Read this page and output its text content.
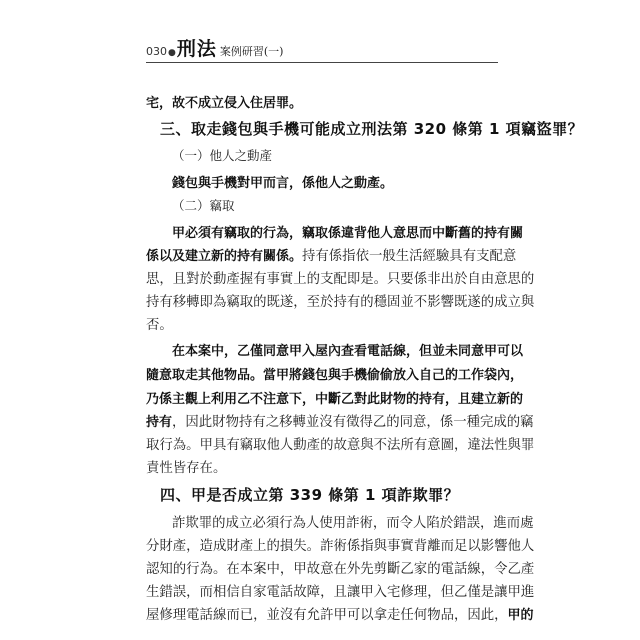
030 ● 刑法 案例研習(一)
宅，故不成立侵入住居罪。
三、取走錢包與手機可能成立刑法第 320 條第 1 項竊盜罪？
（一）他人之動產
錢包與手機對甲而言，係他人之動產。
（二）竊取
甲必須有竊取的行為，竊取係違背他人意思而中斷舊的持有關
係以及建立新的持有關係。持有係指依一般生活經驗具有支配意
思，且對於動產握有事實上的支配即是。只要係非出於自由意思的
持有移轉即為竊取的既遂，至於持有的穩固並不影響既遂的成立與
否。
在本案中，乙僅同意甲入屋內查看電話線，但並未同意甲可以
隨意取走其他物品。當甲將錢包與手機偷偷放入自己的工作袋內，
乃係主觀上利用乙不注意下，中斷乙對此財物的持有，且建立新的
持有，因此財物持有之移轉並沒有徵得乙的同意，係一種完成的竊
取行為。甲具有竊取他人動產的故意與不法所有意圖，違法性與罪
責性皆存在。
四、甲是否成立第 339 條第 1 項詐欺罪？
詐欺罪的成立必須行為人使用詐術，而令人陷於錯誤，進而處
分財產，造成財產上的損失。詐術係指與事實背離而足以影響他人
認知的行為。在本案中，甲故意在外先剪斷乙家的電話線，令乙產
生錯誤，而相信自家電話故障，且讓甲入宅修理，但乙僅是讓甲進
屋修理電話線而已，並沒有允許甲可以拿走任何物品，因此，甲的
